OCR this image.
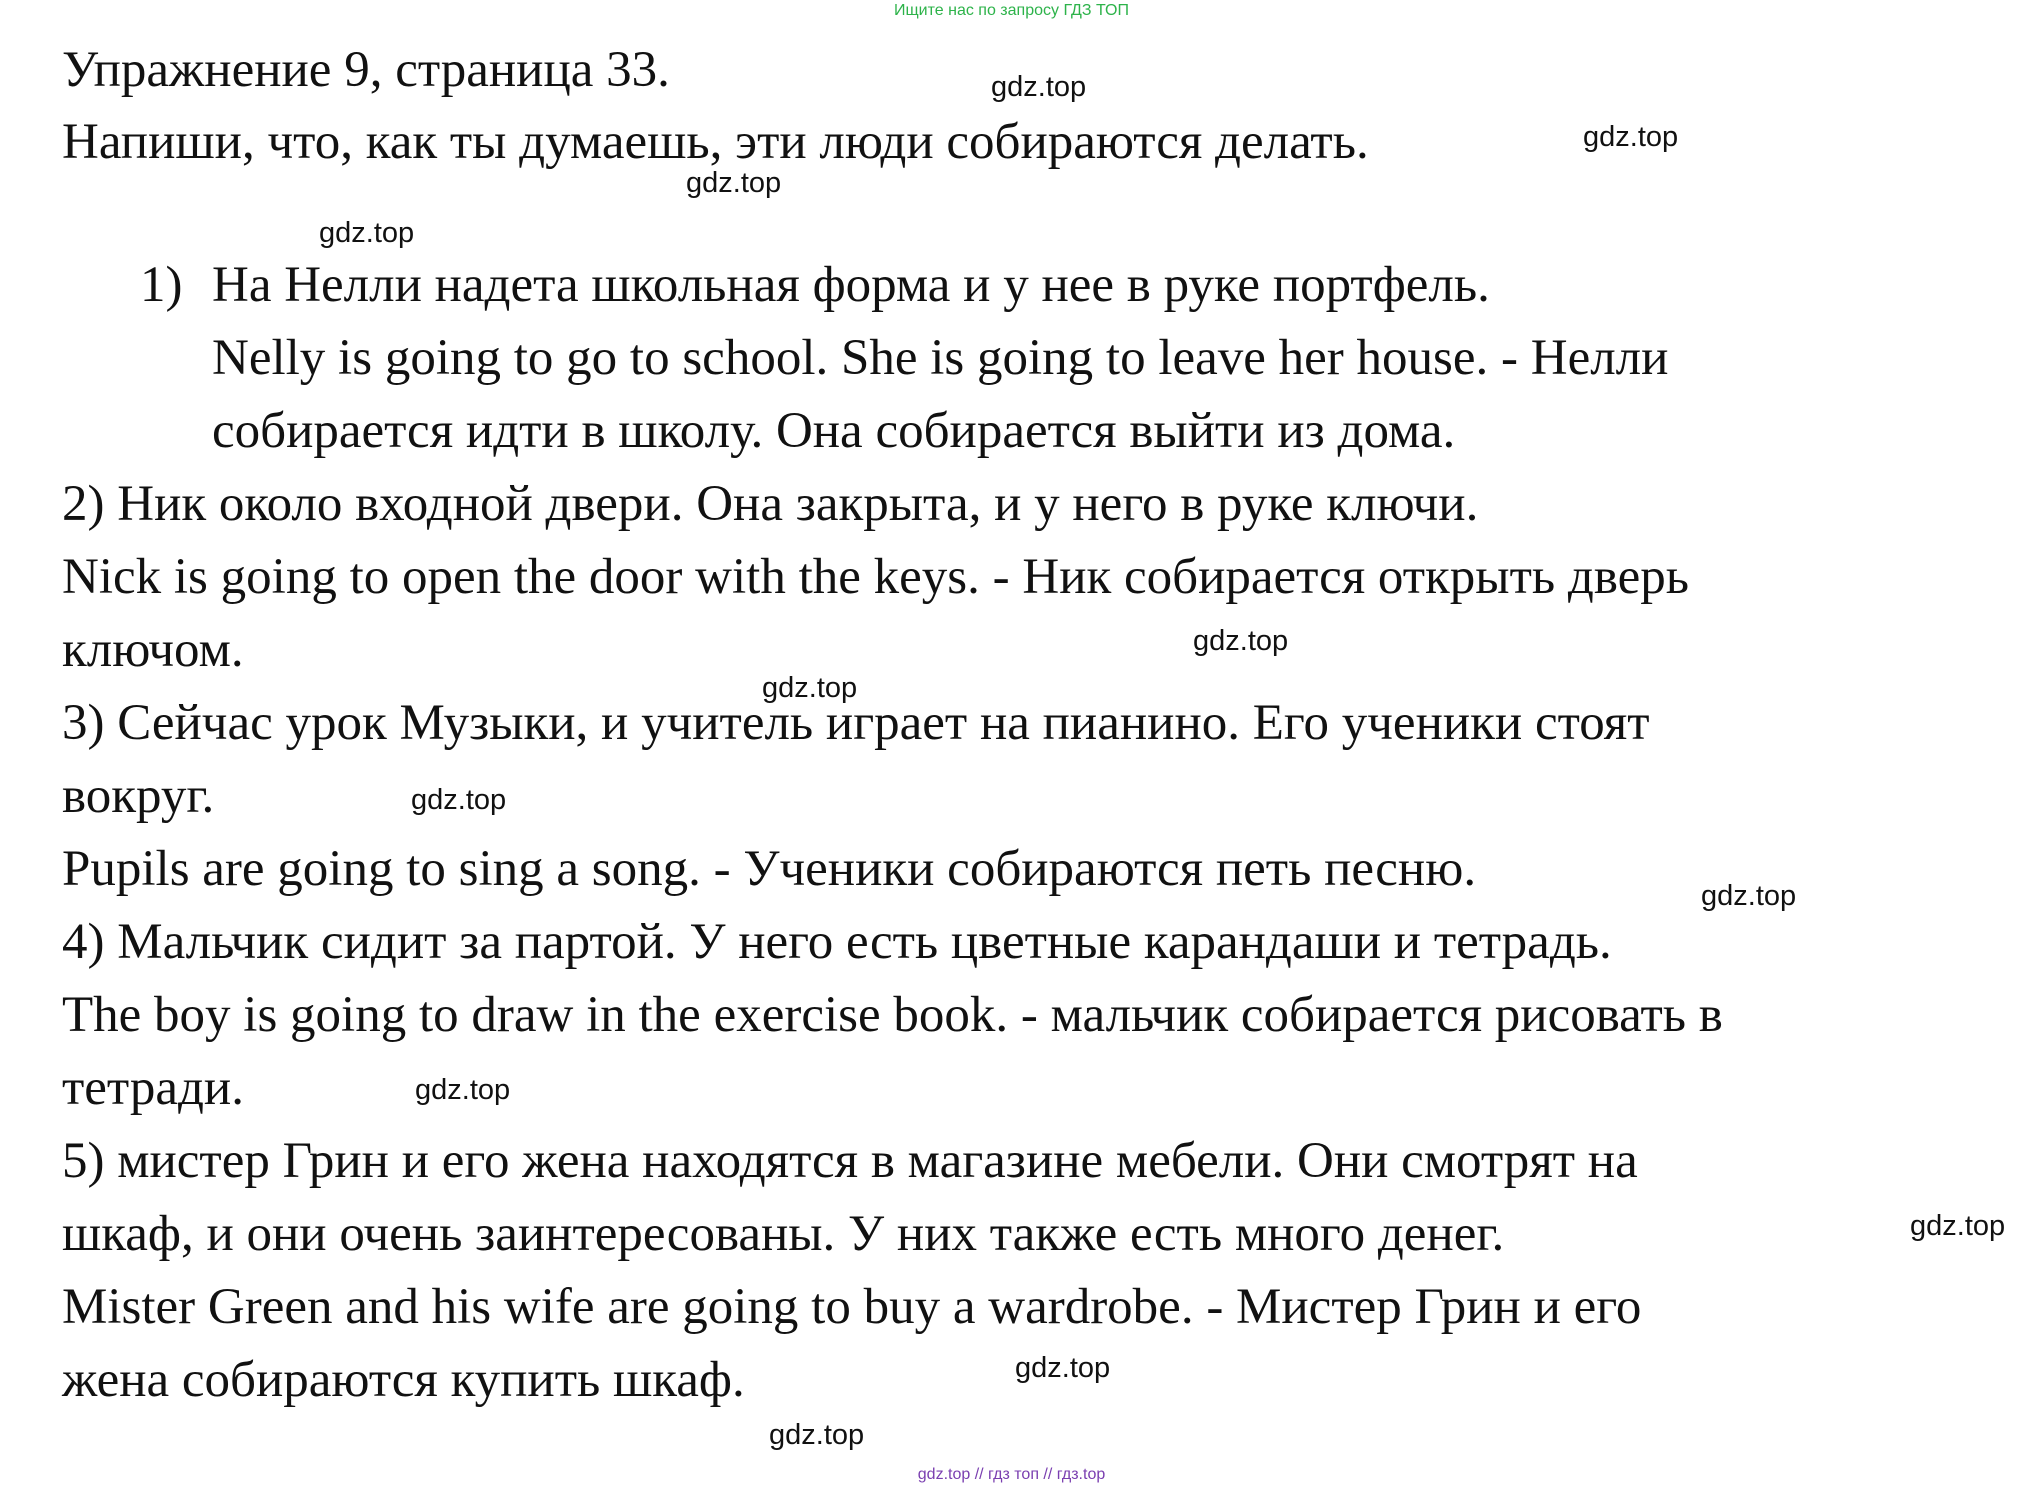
Ищите нас по запросу ГДЗ ТОП
Упражнение 9, страница 33.
Напиши, что, как ты думаешь, эти люди собираются делать.
1) На Нелли надета школьная форма и у нее в руке портфель.
Nelly is going to go to school. She is going to leave her house. - Нелли
собирается идти в школу. Она собирается выйти из дома.
2) Ник около входной двери. Она закрыта, и у него в руке ключи.
Nick is going to open the door with the keys. - Ник собирается открыть дверь
ключом.
3) Сейчас урок Музыки, и учитель играет на пианино. Его ученики стоят
вокруг.
Pupils are going to sing a song. - Ученики собираются петь песню.
4) Мальчик сидит за партой. У него есть цветные карандаши и тетрадь.
The boy is going to draw in the exercise book. - мальчик собирается рисовать в
тетради.
5) мистер Грин и его жена находятся в магазине мебели. Они смотрят на
шкаф, и они очень заинтересованы. У них также есть много денег.
Mister Green and his wife are going to buy a wardrobe. - Мистер Грин и его
жена собираются купить шкаф.
gdz.top
gdz.top
gdz.top
gdz.top
gdz.top
gdz.top
gdz.top
gdz.top
gdz.top
gdz.top
gdz.top
gdz.top
gdz.top // гдз топ // гдз.top
